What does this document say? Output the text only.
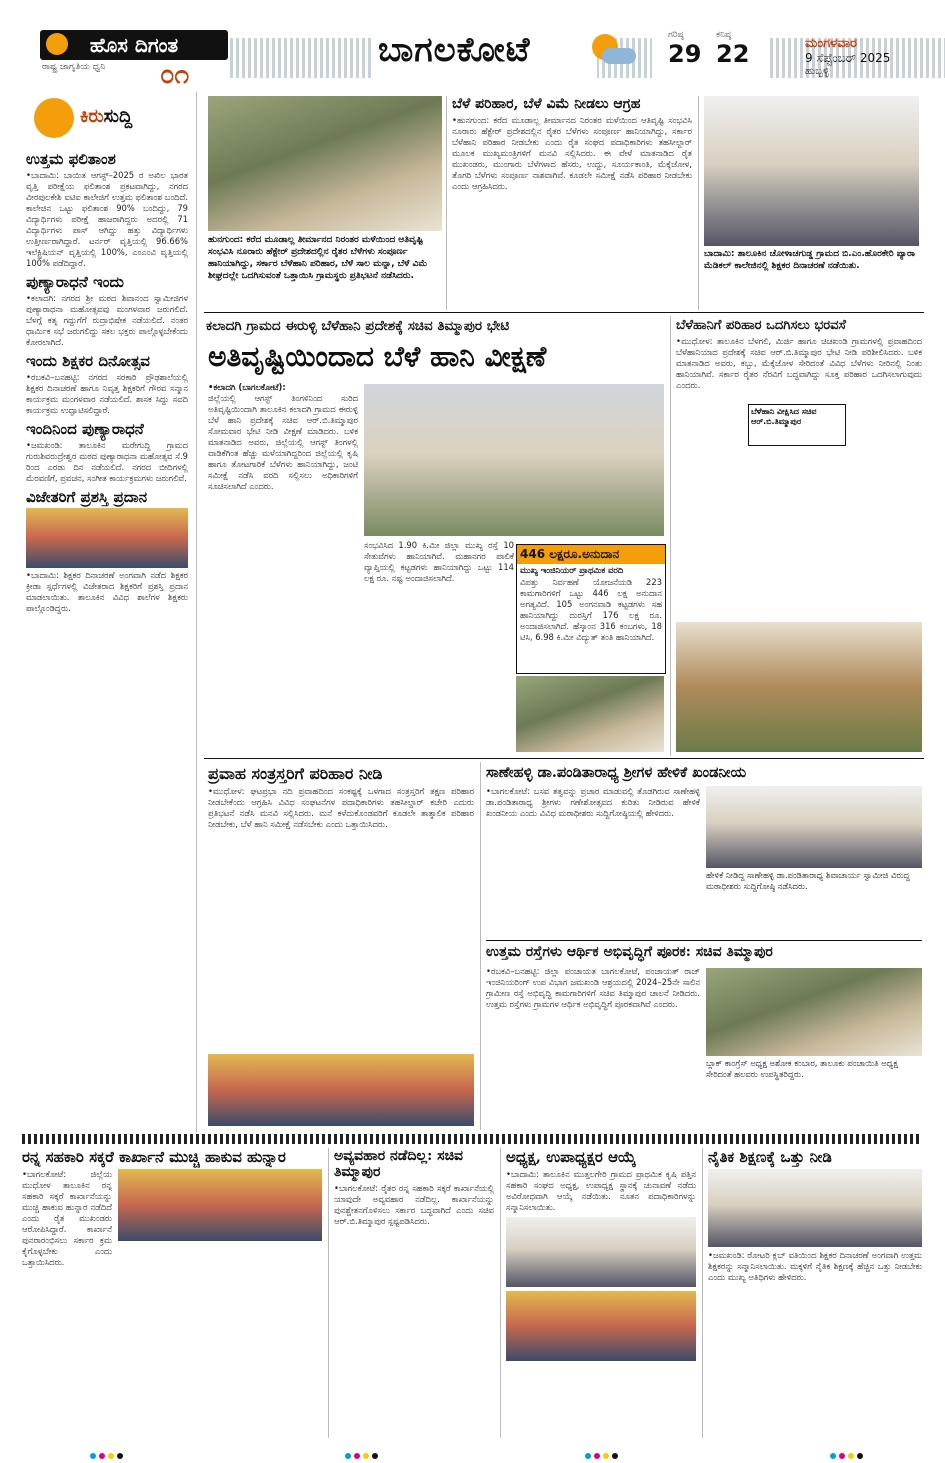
ಹೊಸ ದಿಗಂತ
ರಾಷ್ಟ್ರ ಜಾಗೃತಿಯ ಧ್ವನಿ	೦೧
ಬಾಗಲಕೋಟೆ	ಗರಿಷ್ಠ
29
ಕನಿಷ್ಠ
22	ಮಂಗಳವಾರ
9 ಸೆಪ್ಟೆಂಬರ್ 2025
ಹುಬ್ಬಳ್ಳಿ
ಕಿರುಸುದ್ದಿ
ಉತ್ತಮ ಫಲಿತಾಂಶ
•ಬಾದಾಮಿ: ಬಾಯಿತ ಆಗಸ್ಟ್–2025 ರ ಅಖಿಲ ಭಾರತ ವೃತ್ತಿ ಪರೀಕ್ಷೆಯ ಫಲಿತಾಂಶ ಪ್ರಕಟವಾಗಿದ್ದು, ನಗರದ ವೀರಪುಲಕೇಶಿ ಐಟಿಐ ಕಾಲೇಜಿಗೆ ಉತ್ತಮ ಫಲಿತಾಂಶ ಬಂದಿದೆ. ಕಾಲೇಜಿನ ಒಟ್ಟು ಫಲಿತಾಂಶ 90% ಬಂದಿದ್ದು, 79 ವಿದ್ಯಾರ್ಥಿಗಳು ಪರೀಕ್ಷೆ ಹಾಜರಾಗಿದ್ದರು ಅದರಲ್ಲಿ 71 ವಿದ್ಯಾರ್ಥಿಗಳು ಪಾಸ್ ಆಗಿದ್ದು ಹತ್ತು ವಿದ್ಯಾರ್ಥಿಗಳು ಉತ್ತೀರ್ಣರಾಗಿದ್ದಾರೆ. ಟರ್ನರ್ ವೃತ್ತಿಯಲ್ಲಿ 96.66% ಇಲೆಕ್ಟ್ರಿಷಿಯನ್ ವೃತ್ತಿಯಲ್ಲಿ 100%, ಎಂಎಂವಿ ವೃತ್ತಿಯಲ್ಲಿ 100% ಪಡೆದಿದ್ದಾರೆ.
ಪುಣ್ಯಾರಾಧನೆ ಇಂದು
•ಕಲಾದಗಿ: ನಗರದ ಶ್ರೀ ಮಠದ ಶಿವಾನಂದ ಸ್ವಾಮೀಜಿಗಳ ಪುಣ್ಯಾರಾಧನಾ ಮಹೋತ್ಸವವು ಮಂಗಳವಾರ ಜರುಗಲಿದೆ. ಬೆಳಗ್ಗೆ ಕತೃ ಗದ್ದುಗೆಗೆ ರುದ್ರಾಭಿಷೇಕ ನಡೆಯಲಿದೆ. ನಂತರ ಧಾರ್ಮಿಕ ಸಭೆ ಜರುಗಲಿದ್ದು ಸಕಲ ಭಕ್ತರು ಪಾಲ್ಗೊಳ್ಳಬೇಕೆಂದು ಕೋರಲಾಗಿದೆ.
ಇಂದು ಶಿಕ್ಷಕರ ದಿನೋತ್ಸವ
•ರಬಕವಿ–ಬನಹಟ್ಟಿ: ನಗರದ ಸರಕಾರಿ ಪ್ರೌಢಶಾಲೆಯಲ್ಲಿ ಶಿಕ್ಷಕರ ದಿನಾಚರಣೆ ಹಾಗೂ ನಿವೃತ್ತ ಶಿಕ್ಷಕರಿಗೆ ಗೌರವ ಸನ್ಮಾನ ಕಾರ್ಯಕ್ರಮ ಮಂಗಳವಾರ ನಡೆಯಲಿದೆ. ಶಾಸಕ ಸಿದ್ದು ಸವದಿ ಕಾರ್ಯಕ್ರಮ ಉದ್ಘಾಟಿಸಲಿದ್ದಾರೆ.
ಇಂದಿನಿಂದ ಪುಣ್ಯಾರಾಧನೆ
•ಜಮಖಂಡಿ: ತಾಲೂಕಿನ ಮರೇಗುದ್ದಿ ಗ್ರಾಮದ ಗುರುಶಿವರುದ್ರೇಶ್ವರ ಮಠದ ಪುಣ್ಯಾರಾಧನಾ ಮಹೋತ್ಸವ ಸೆ.9 ರಿಂದ ಎರಡು ದಿನ ನಡೆಯಲಿದೆ. ನಗರದ ಬೀದಿಗಳಲ್ಲಿ ಮೆರವಣಿಗೆ, ಪ್ರವಚನ, ಸಂಗೀತ ಕಾರ್ಯಕ್ರಮಗಳು ಜರುಗಲಿವೆ.
ವಿಜೇತರಿಗೆ ಪ್ರಶಸ್ತಿ ಪ್ರದಾನ
•ಬಾದಾಮಿ: ಶಿಕ್ಷಕರ ದಿನಾಚರಣೆ ಅಂಗವಾಗಿ ನಡೆದ ಶಿಕ್ಷಕರ ಕ್ರೀಡಾ ಸ್ಪರ್ಧೆಗಳಲ್ಲಿ ವಿಜೇತರಾದ ಶಿಕ್ಷಕರಿಗೆ ಪ್ರಶಸ್ತಿ ಪ್ರದಾನ ಮಾಡಲಾಯಿತು. ತಾಲೂಕಿನ ವಿವಿಧ ಶಾಲೆಗಳ ಶಿಕ್ಷಕರು ಪಾಲ್ಗೊಂಡಿದ್ದರು.
ಹುನಗುಂದ: ಕರೆದ ಮೂಡಾಲ್ಲ ತೀರ್ಮಾನದ ನಿರಂತರ ಮಳೆಯಿಂದ ಆತಿವೃಷ್ಟಿ ಸಂಭವಿಸಿ ನೂರಾರು ಹೆಕ್ಟೇರ್ ಪ್ರದೇಶದಲ್ಲಿನ ರೈತರ ಬೆಳೆಗಳು ಸಂಪೂರ್ಣ ಹಾನಿಯಾಗಿದ್ದು, ಸರ್ಕಾರ ಬೆಳೆಹಾನಿ ಪರಿಹಾರ, ಬೆಳೆ ಸಾಲ ಮನ್ನಾ, ಬೆಳೆ ವಿಮೆ ಶೀಘ್ರದಲ್ಲೇ ಒದಗಿಸುವಂತೆ ಒತ್ತಾಯಿಸಿ ಗ್ರಾಮಸ್ಥರು ಪ್ರತಿಭಟನೆ ನಡೆಸಿದರು.
ಬೆಳೆ ಪರಿಹಾರ, ಬೆಳೆ ವಿಮೆ ನೀಡಲು ಆಗ್ರಹ
•ಹುನಗುಂದ: ಕರೆದ ಮೂಡಾಲ್ಲ ತೀರ್ಮಾನದ ನಿರಂತರ ಮಳೆಯಿಂದ ಆತಿವೃಷ್ಟಿ ಸಂಭವಿಸಿ ನೂರಾರು ಹೆಕ್ಟೇರ್ ಪ್ರದೇಶದಲ್ಲಿನ ರೈತರ ಬೆಳೆಗಳು ಸಂಪೂರ್ಣ ಹಾನಿಯಾಗಿದ್ದು, ಸರ್ಕಾರ ಬೆಳೆಹಾನಿ ಪರಿಹಾರ ನೀಡಬೇಕು ಎಂದು ರೈತ ಸಂಘದ ಪದಾಧಿಕಾರಿಗಳು ತಹಸೀಲ್ದಾರ್ ಮೂಲಕ ಮುಖ್ಯಮಂತ್ರಿಗಳಿಗೆ ಮನವಿ ಸಲ್ಲಿಸಿದರು. ಈ ವೇಳೆ ಮಾತನಾಡಿದ ರೈತ ಮುಖಂಡರು, ಮುಂಗಾರು ಬೆಳೆಗಳಾದ ಹೆಸರು, ಉದ್ದು, ಸೂರ್ಯಕಾಂತಿ, ಮೆಕ್ಕೆಜೋಳ, ತೊಗರಿ ಬೆಳೆಗಳು ಸಂಪೂರ್ಣ ನಾಶವಾಗಿವೆ. ಕೂಡಲೇ ಸಮೀಕ್ಷೆ ನಡೆಸಿ ಪರಿಹಾರ ನೀಡಬೇಕು ಎಂದು ಆಗ್ರಹಿಸಿದರು.
ಬಾದಾಮಿ: ತಾಲೂಕಿನ ಚೋಳಾಚಗುಡ್ಡ ಗ್ರಾಮದ ಬಿ.ಎಂ.ಹೊರಕೇರಿ ಪ್ಯಾರಾ ಮೆಡಿಕಲ್ ಕಾಲೇಜಿನಲ್ಲಿ ಶಿಕ್ಷಕರ ದಿನಾಚರಣೆ ನಡೆಯಿತು.
ಕಲಾದಗಿ ಗ್ರಾಮದ ಈರುಳ್ಳಿ ಬೆಳೆಹಾನಿ ಪ್ರದೇಶಕ್ಕೆ ಸಚಿವ ತಿಮ್ಮಾಪುರ ಭೇಟಿ
ಅತಿವೃಷ್ಟಿಯಿಂದಾದ ಬೆಳೆ ಹಾನಿ ವೀಕ್ಷಣೆ
•ಕಲಾದಗಿ (ಬಾಗಲಕೋಟೆ):
ಜಿಲ್ಲೆಯಲ್ಲಿ ಆಗಸ್ಟ್ ತಿಂಗಳಿನಿಂದ ಸುರಿದ ಅತಿವೃಷ್ಟಿಯಿಂದಾಗಿ ತಾಲೂಕಿನ ಕಲಾದಗಿ ಗ್ರಾಮದ ಈರುಳ್ಳಿ ಬೆಳೆ ಹಾನಿ ಪ್ರದೇಶಕ್ಕೆ ಸಚಿವ ಆರ್.ಬಿ.ತಿಮ್ಮಾಪುರ ಸೋಮವಾರ ಭೇಟಿ ನೀಡಿ ವೀಕ್ಷಣೆ ಮಾಡಿದರು. ಬಳಿಕ ಮಾತನಾಡಿದ ಅವರು, ಜಿಲ್ಲೆಯಲ್ಲಿ ಆಗಸ್ಟ್ ತಿಂಗಳಲ್ಲಿ ವಾಡಿಕೆಗಿಂತ ಹೆಚ್ಚು ಮಳೆಯಾಗಿದ್ದರಿಂದ ಜಿಲ್ಲೆಯಲ್ಲಿ ಕೃಷಿ ಹಾಗೂ ತೋಟಗಾರಿಕೆ ಬೆಳೆಗಳು ಹಾನಿಯಾಗಿದ್ದು, ಜಂಟಿ ಸಮೀಕ್ಷೆ ನಡೆಸಿ ವರದಿ ಸಲ್ಲಿಸಲು ಅಧಿಕಾರಿಗಳಿಗೆ ಸೂಚಿಸಲಾಗಿದೆ ಎಂದರು.
ಸಂಭವಿಸಿದ 1.90 ಕಿ.ಮೀ ಜಿಲ್ಲಾ ಮುಖ್ಯ ರಸ್ತೆ 10 ಸೇತುವೆಗಳು ಹಾನಿಯಾಗಿವೆ. ಮಹಾನಗರ ಪಾಲಿಕೆ ವ್ಯಾಪ್ತಿಯಲ್ಲಿ ಕಟ್ಟಡಗಳು ಹಾನಿಯಾಗಿದ್ದು ಒಟ್ಟು 114 ಲಕ್ಷ ರೂ. ನಷ್ಟ ಅಂದಾಜಿಸಲಾಗಿದೆ.
446 ಲಕ್ಷರೂ.ಅನುದಾನ
ಮುಖ್ಯ ಇಂಜಿನಿಯರ್ ಪ್ರಾಥಮಿಕ ವರದಿ
ವಿಪತ್ತು ನಿರ್ವಹಣೆ ಯೋಜನೆಯಡಿ 223 ಕಾಮಗಾರಿಗಳಿಗೆ ಒಟ್ಟು 446 ಲಕ್ಷ ಅನುದಾನ ಅಗತ್ಯವಿದೆ. 105 ಅಂಗನವಾಡಿ ಕಟ್ಟಡಗಳು ಸಹ ಹಾನಿಯಾಗಿದ್ದು ದುರಸ್ತಿಗೆ 176 ಲಕ್ಷ ರೂ. ಅಂದಾಜಿಸಲಾಗಿದೆ. ಹೆಸ್ಕಾಂನ 316 ಕಂಬಗಳು, 18 ಟಿಸಿ, 6.98 ಕಿ.ಮೀ ವಿದ್ಯುತ್ ತಂತಿ ಹಾನಿಯಾಗಿದೆ.
ಬೆಳೆಹಾನಿಗೆ ಪರಿಹಾರ ಒದಗಿಸಲು ಭರವಸೆ
•ಮುಧೋಳ: ತಾಲೂಕಿನ ಬೆಳಗಲಿ, ಮಿರ್ಜಿ ಹಾಗೂ ಚಿಚಖಂಡಿ ಗ್ರಾಮಗಳಲ್ಲಿ ಪ್ರವಾಹದಿಂದ ಬೆಳೆಹಾನಿಯಾದ ಪ್ರದೇಶಕ್ಕೆ ಸಚಿವ ಆರ್.ಬಿ.ತಿಮ್ಮಾಪುರ ಭೇಟಿ ನೀಡಿ ಪರಿಶೀಲಿಸಿದರು. ಬಳಿಕ ಮಾತನಾಡಿದ ಅವರು, ಕಬ್ಬು, ಮೆಕ್ಕೆಜೋಳ ಸೇರಿದಂತೆ ವಿವಿಧ ಬೆಳೆಗಳು ನೀರಿನಲ್ಲಿ ನಿಂತು ಹಾನಿಯಾಗಿವೆ. ಸರ್ಕಾರ ರೈತರ ನೆರವಿಗೆ ಬದ್ಧವಾಗಿದ್ದು ಸೂಕ್ತ ಪರಿಹಾರ ಒದಗಿಸಲಾಗುವುದು ಎಂದರು.
ಬೆಳೆಹಾನಿ ವೀಕ್ಷಿಸಿದ ಸಚಿವ ಆರ್.ಬಿ.ತಿಮ್ಮಾಪುರ
ಪ್ರವಾಹ ಸಂತ್ರಸ್ತರಿಗೆ ಪರಿಹಾರ ನೀಡಿ
•ಮುಧೋಳ: ಘಟಪ್ರಭಾ ನದಿ ಪ್ರವಾಹದಿಂದ ಸಂಕಷ್ಟಕ್ಕೆ ಒಳಗಾದ ಸಂತ್ರಸ್ತರಿಗೆ ತಕ್ಷಣ ಪರಿಹಾರ ನೀಡಬೇಕೆಂದು ಆಗ್ರಹಿಸಿ ವಿವಿಧ ಸಂಘಟನೆಗಳ ಪದಾಧಿಕಾರಿಗಳು ತಹಸೀಲ್ದಾರ್ ಕಚೇರಿ ಎದುರು ಪ್ರತಿಭಟನೆ ನಡೆಸಿ ಮನವಿ ಸಲ್ಲಿಸಿದರು. ಮನೆ ಕಳೆದುಕೊಂಡವರಿಗೆ ಕೂಡಲೇ ತಾತ್ಕಾಲಿಕ ಪರಿಹಾರ ನೀಡಬೇಕು, ಬೆಳೆ ಹಾನಿ ಸಮೀಕ್ಷೆ ನಡೆಸಬೇಕು ಎಂದು ಒತ್ತಾಯಿಸಿದರು.
ಸಾಣೇಹಳ್ಳಿ ಡಾ.ಪಂಡಿತಾರಾಧ್ಯ ಶ್ರೀಗಳ ಹೇಳಿಕೆ ಖಂಡನೀಯ
•ಬಾಗಲಕೋಟೆ: ಬಸವ ತತ್ವವನ್ನು ಪ್ರಚಾರ ಮಾಡುವಲ್ಲಿ ತೊಡಗಿರುವ ಸಾಣೇಹಳ್ಳಿ ಡಾ.ಪಂಡಿತಾರಾಧ್ಯ ಶ್ರೀಗಳು ಗಣೇಶೋತ್ಸವದ ಕುರಿತು ನೀಡಿರುವ ಹೇಳಿಕೆ ಖಂಡನೀಯ ಎಂದು ವಿವಿಧ ಮಠಾಧೀಶರು ಸುದ್ದಿಗೋಷ್ಠಿಯಲ್ಲಿ ಹೇಳಿದರು.
ಹೇಳಿಕೆ ನೀಡಿದ್ದ ಸಾಣೇಹಳ್ಳಿ ಡಾ.ಪಂಡಿತಾರಾಧ್ಯ ಶಿವಾಚಾರ್ಯ ಸ್ವಾಮೀಜಿ ವಿರುದ್ಧ ಮಠಾಧೀಶರು ಸುದ್ದಿಗೋಷ್ಠಿ ನಡೆಸಿದರು.
ಉತ್ತಮ ರಸ್ತೆಗಳು ಆರ್ಥಿಕ ಅಭಿವೃದ್ಧಿಗೆ ಪೂರಕ: ಸಚಿವ ತಿಮ್ಮಾಪುರ
•ರಬಕವಿ–ಬನಹಟ್ಟಿ: ಜಿಲ್ಲಾ ಪಂಚಾಯತ ಬಾಗಲಕೋಟೆ, ಪಂಚಾಯತ್ ರಾಜ್ ಇಂಜಿನಿಯರಿಂಗ್ ಉಪ ವಿಭಾಗ ಜಮಖಂಡಿ ಆಶ್ರಯದಲ್ಲಿ 2024–25ನೇ ಸಾಲಿನ ಗ್ರಾಮೀಣ ರಸ್ತೆ ಅಭಿವೃದ್ಧಿ ಕಾಮಗಾರಿಗಳಿಗೆ ಸಚಿವ ತಿಮ್ಮಾಪುರ ಚಾಲನೆ ನೀಡಿದರು. ಉತ್ತಮ ರಸ್ತೆಗಳು ಗ್ರಾಮಗಳ ಆರ್ಥಿಕ ಅಭಿವೃದ್ಧಿಗೆ ಪೂರಕವಾಗಿವೆ ಎಂದರು.
ಬ್ಲಾಕ್ ಕಾಂಗ್ರೆಸ್ ಅಧ್ಯಕ್ಷ ಅಶೋಕ ಕಂಬಾರ, ತಾಲೂಕು ಪಂಚಾಯಿತಿ ಅಧ್ಯಕ್ಷ ಸೇರಿದಂತೆ ಹಲವರು ಉಪಸ್ಥಿತರಿದ್ದರು.
ರನ್ನ ಸಹಕಾರಿ ಸಕ್ಕರೆ ಕಾರ್ಖಾನೆ ಮುಚ್ಚಿ ಹಾಕುವ ಹುನ್ನಾರ
•ಬಾಗಲಕೋಟೆ: ಜಿಲ್ಲೆಯ ಮುಧೋಳ ತಾಲೂಕಿನ ರನ್ನ ಸಹಕಾರಿ ಸಕ್ಕರೆ ಕಾರ್ಖಾನೆಯನ್ನು ಮುಚ್ಚಿ ಹಾಕುವ ಹುನ್ನಾರ ನಡೆದಿದೆ ಎಂದು ರೈತ ಮುಖಂಡರು ಆರೋಪಿಸಿದ್ದಾರೆ. ಕಾರ್ಖಾನೆ ಪುನರಾರಂಭಿಸಲು ಸರ್ಕಾರ ಕ್ರಮ ಕೈಗೊಳ್ಳಬೇಕು ಎಂದು ಒತ್ತಾಯಿಸಿದರು.
ಅವ್ಯವಹಾರ ನಡೆದಿಲ್ಲ: ಸಚಿವ ತಿಮ್ಮಾಪುರ
•ಬಾಗಲಕೋಟೆ: ರೈತರ ರನ್ನ ಸಹಕಾರಿ ಸಕ್ಕರೆ ಕಾರ್ಖಾನೆಯಲ್ಲಿ ಯಾವುದೇ ಅವ್ಯವಹಾರ ನಡೆದಿಲ್ಲ. ಕಾರ್ಖಾನೆಯನ್ನು ಪುನಶ್ಚೇತನಗೊಳಿಸಲು ಸರ್ಕಾರ ಬದ್ಧವಾಗಿದೆ ಎಂದು ಸಚಿವ ಆರ್.ಬಿ.ತಿಮ್ಮಾಪುರ ಸ್ಪಷ್ಟಪಡಿಸಿದರು.
ಅಧ್ಯಕ್ಷ, ಉಪಾಧ್ಯಕ್ಷರ ಆಯ್ಕೆ
•ಬಾದಾಮಿ: ತಾಲೂಕಿನ ಮುತ್ತಲಗೇರಿ ಗ್ರಾಮದ ಪ್ರಾಥಮಿಕ ಕೃಷಿ ಪತ್ತಿನ ಸಹಕಾರಿ ಸಂಘದ ಅಧ್ಯಕ್ಷ, ಉಪಾಧ್ಯಕ್ಷ ಸ್ಥಾನಕ್ಕೆ ಚುನಾವಣೆ ನಡೆದು ಅವಿರೋಧವಾಗಿ ಆಯ್ಕೆ ನಡೆಯಿತು. ನೂತನ ಪದಾಧಿಕಾರಿಗಳನ್ನು ಸನ್ಮಾನಿಸಲಾಯಿತು.
ನೈತಿಕ ಶಿಕ್ಷಣಕ್ಕೆ ಒತ್ತು ನೀಡಿ
•ಜಮಖಂಡಿ: ರೋಟರಿ ಕ್ಲಬ್ ವತಿಯಿಂದ ಶಿಕ್ಷಕರ ದಿನಾಚರಣೆ ಅಂಗವಾಗಿ ಉತ್ತಮ ಶಿಕ್ಷಕರನ್ನು ಸನ್ಮಾನಿಸಲಾಯಿತು. ಮಕ್ಕಳಿಗೆ ನೈತಿಕ ಶಿಕ್ಷಣಕ್ಕೆ ಹೆಚ್ಚಿನ ಒತ್ತು ನೀಡಬೇಕು ಎಂದು ಮುಖ್ಯ ಅತಿಥಿಗಳು ಹೇಳಿದರು.
